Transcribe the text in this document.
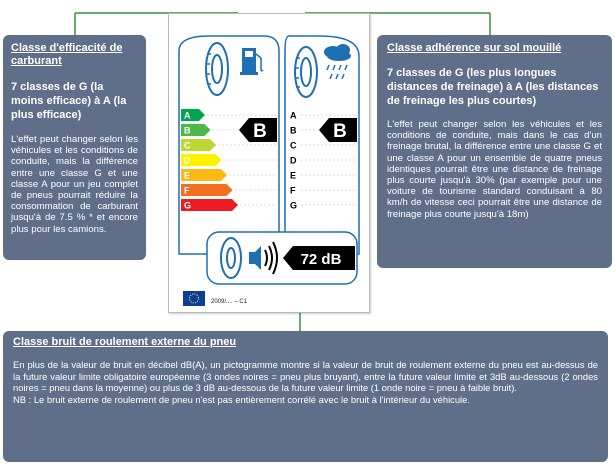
Classe d'efficacité de carburant
7 classes de G (la moins efficace) à A (la plus efficace)
L'effet peut changer selon les véhicules et les conditions de conduite, mais la différence entre une classe G et une classe A pour un jeu complet de pneus pourrait réduire la consommation de carburant jusqu'à de 7.5 % * et encore plus pour les camions.
Classe adhérence sur sol mouillé
7 classes de G (les plus longues distances de freinage) à A (les distances de freinage les plus courtes)
L'effet peut changer selon les véhicules et les conditions de conduite, mais dans le cas d'un freinage brutal, la différence entre une classe G et une classe A pour un ensemble de quatre pneus identiques pourrait être une distance de freinage plus courte jusqu'à 30% (par exemple pour une voiture de tourisme standard conduisant à 80 km/h de vitesse ceci pourrait être une distance de freinage plus courte jusqu'à 18m)
Classe bruit de roulement externe du pneu
En plus de la valeur de bruit en décibel dB(A), un pictogramme montre si la valeur de bruit de roulement externe du pneu est au-dessus de la future valeur limite obligatoire européenne (3 ondes noires = pneu plus bruyant), entre la future valeur limite et 3dB au-dessous (2 ondes noires = pneu dans la moyenne) ou plus de 3 dB au-dessous de la future valeur limite (1 onde noire = pneu à faible bruit).
NB : Le bruit externe de roulement de pneu n'est pas entièrement corrélé avec le bruit à l'intérieur du véhicule.
A
B
C
D
E
F
G
B
A
B
C
D
E
F
G
B
72 dB
2009/.... – C1
